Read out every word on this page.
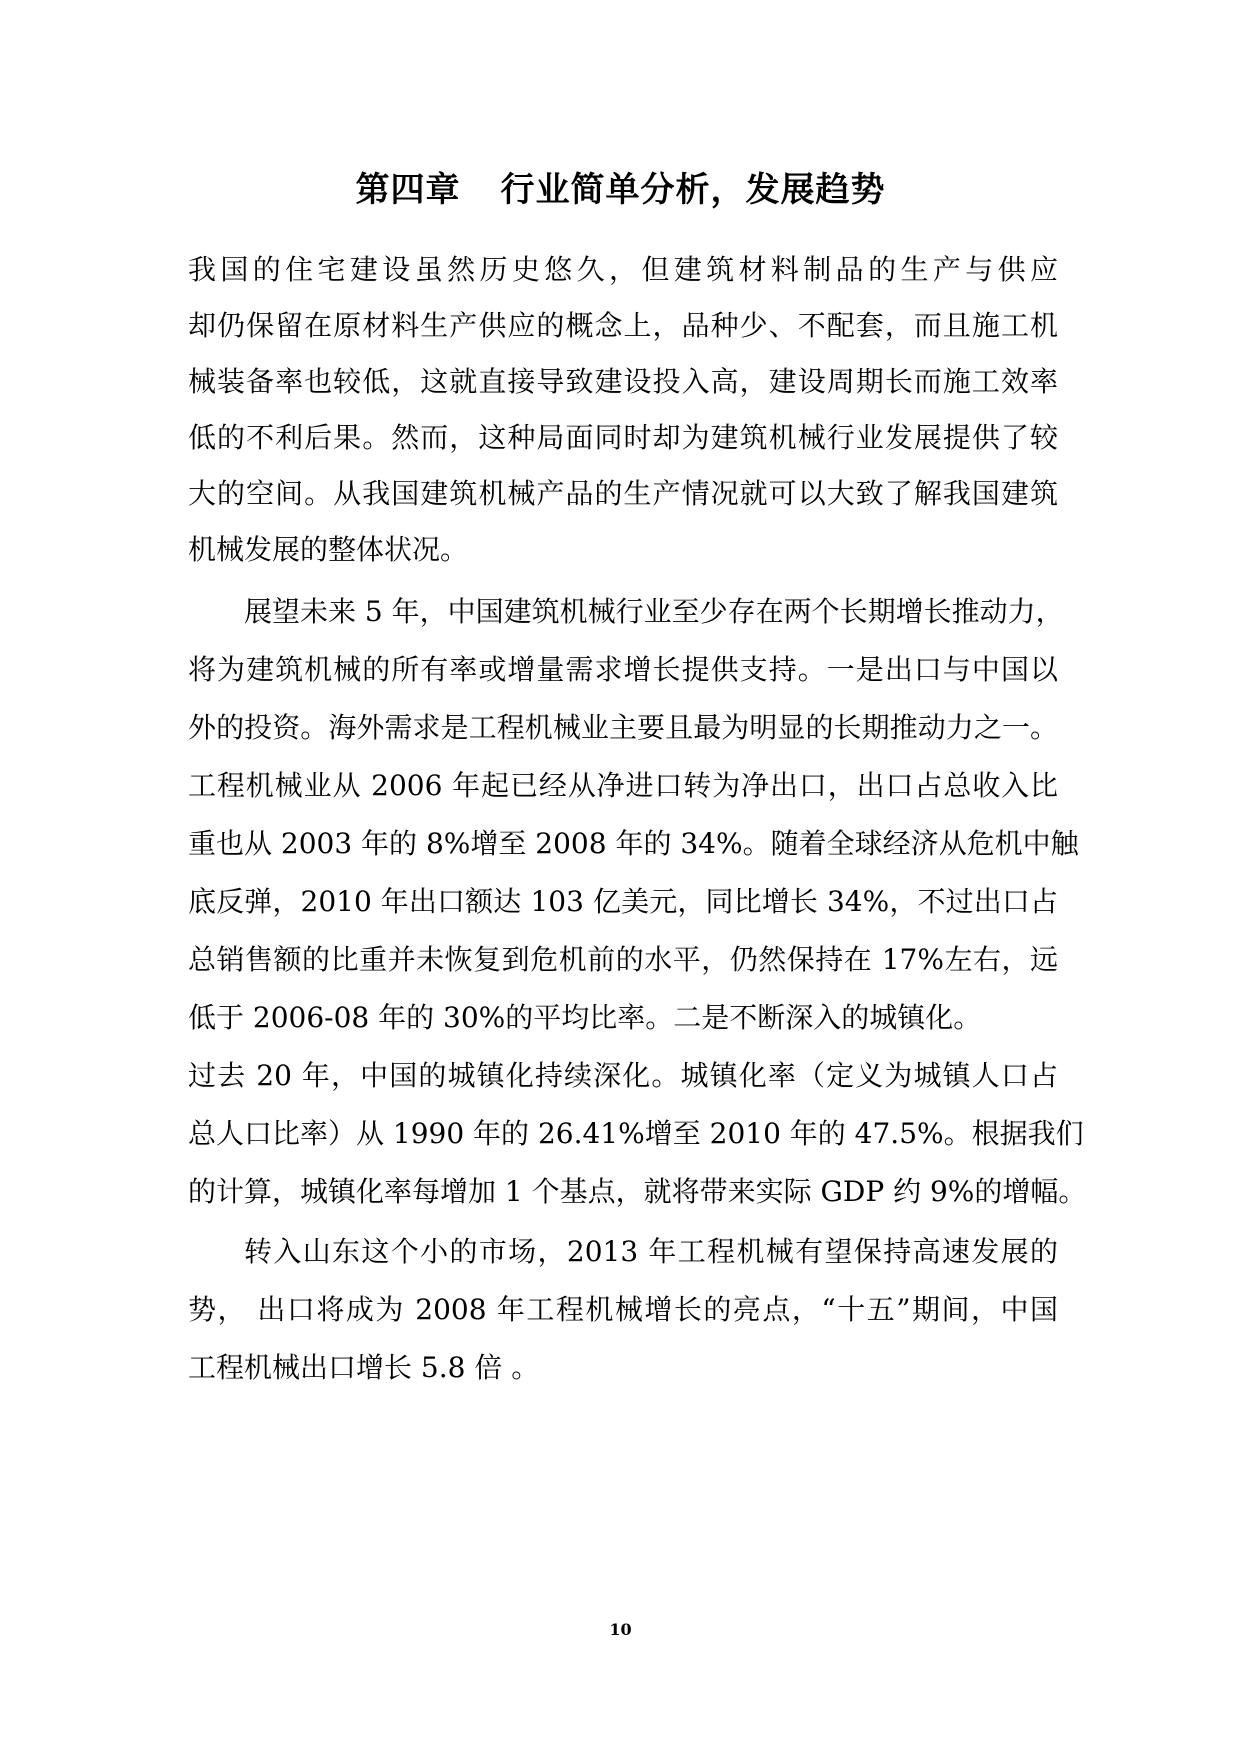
第四章 行业简单分析，发展趋势

我国的住宅建设虽然历史悠久，但建筑材料制品的生产与供应

却仍保留在原材料生产供应的概念上，品种少、不配套，而且施工机

械装备率也较低，这就直接导致建设投入高，建设周期长而施工效率

低的不利后果。然而，这种局面同时却为建筑机械行业发展提供了较

大的空间。从我国建筑机械产品的生产情况就可以大致了解我国建筑

机械发展的整体状况。

展望未来 5 年，中国建筑机械行业至少存在两个长期增长推动力，

将为建筑机械的所有率或增量需求增长提供支持。一是出口与中国以

外的投资。海外需求是工程机械业主要且最为明显的长期推动力之一。

工程机械业从 2006 年起已经从净进口转为净出口，出口占总收入比

重也从 2003 年的 8%增至 2008 年的 34%。随着全球经济从危机中触

底反弹，2010 年出口额达 103 亿美元，同比增长 34%，不过出口占

总销售额的比重并未恢复到危机前的水平，仍然保持在 17%左右，远

低于 2006-08 年的 30%的平均比率。二是不断深入的城镇化。

过去 20 年，中国的城镇化持续深化。城镇化率（定义为城镇人口占

总人口比率）从 1990 年的 26.41%增至 2010 年的 47.5%。根据我们

的计算，城镇化率每增加 1 个基点，就将带来实际 GDP 约 9%的增幅。

转入山东这个小的市场，2013 年工程机械有望保持高速发展的

势， 出口将成为 2008 年工程机械增长的亮点，“十五”期间，中国

工程机械出口增长 5.8 倍 。

10
